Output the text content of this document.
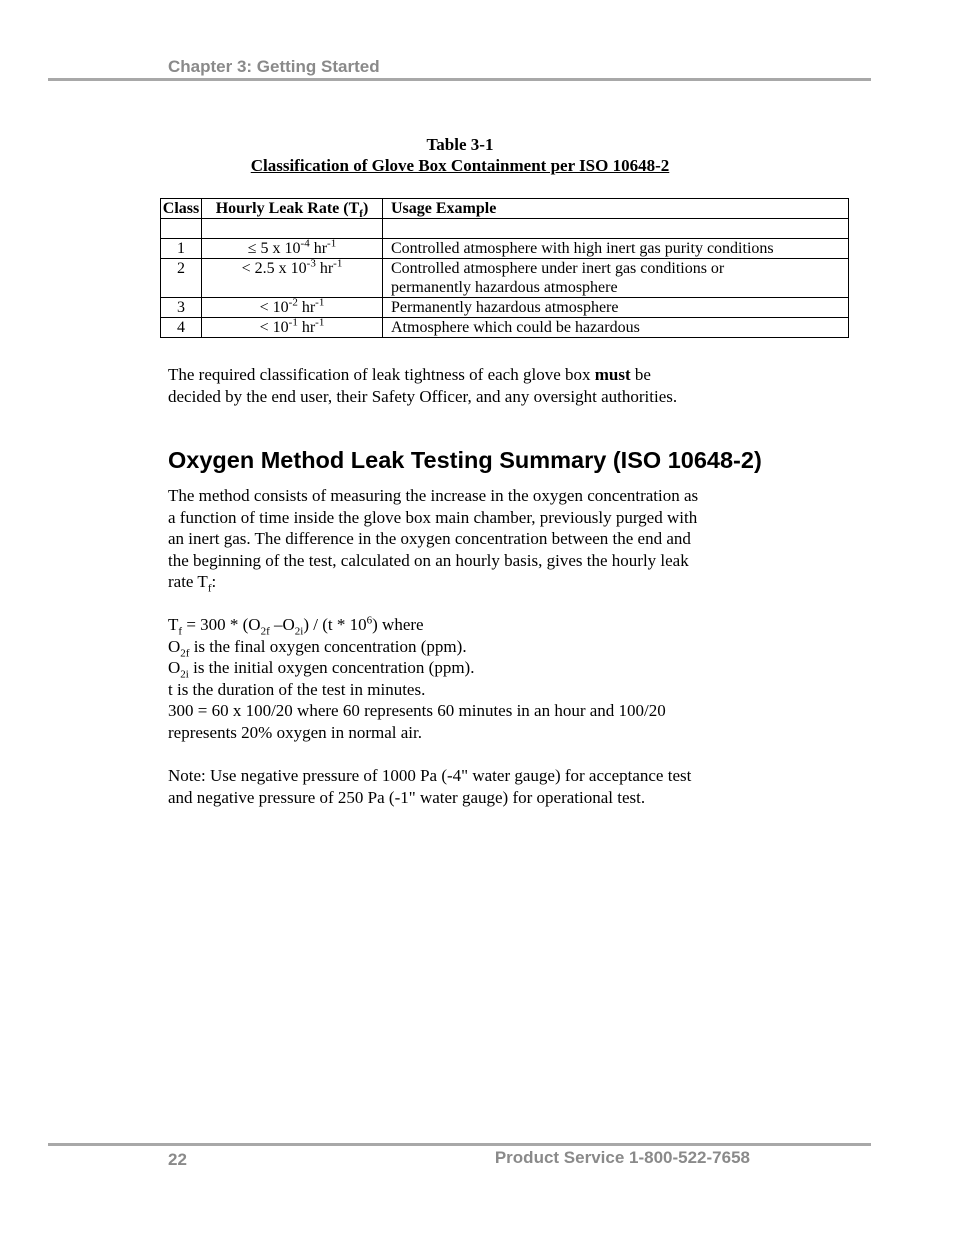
Chapter 3: Getting Started
Table 3-1
Classification of Glove Box Containment per ISO 10648-2
Class	Hourly Leak Rate $(T_f)$	Usage Example

1	≤ 5 x $10^{-4}$ $hr^{-1}$	Controlled atmosphere with high inert gas purity conditions
2	< 2.5 x $10^{-3}$ $hr^{-1}$	Controlled atmosphere under inert gas conditions or
permanently hazardous atmosphere
3	< $10^{-2}$ $hr^{-1}$	Permanently hazardous atmosphere
4	< $10^{-1}$ $hr^{-1}$	Atmosphere which could be hazardous
The required classification of leak tightness of each glove box must be
decided by the end user, their Safety Officer, and any oversight authorities.
Oxygen Method Leak Testing Summary (ISO 10648-2)
The method consists of measuring the increase in the oxygen concentration as
a function of time inside the glove box main chamber, previously purged with
an inert gas. The difference in the oxygen concentration between the end and
the beginning of the test, calculated on an hourly basis, gives the hourly leak
rate $T_f$:
$T_f = 300 * (O_{2f}$ $-O_{2i}) / (t * 10^6)$ where
$O_{2f}$ is the final oxygen concentration (ppm).
$O_{2i}$ is the initial oxygen concentration (ppm).
t is the duration of the test in minutes.
300 = 60 x 100/20 where 60 represents 60 minutes in an hour and 100/20
represents 20% oxygen in normal air.
Note: Use negative pressure of 1000 Pa (-4" water gauge) for acceptance test
and negative pressure of 250 Pa (-1" water gauge) for operational test.
22	Product Service 1-800-522-7658
